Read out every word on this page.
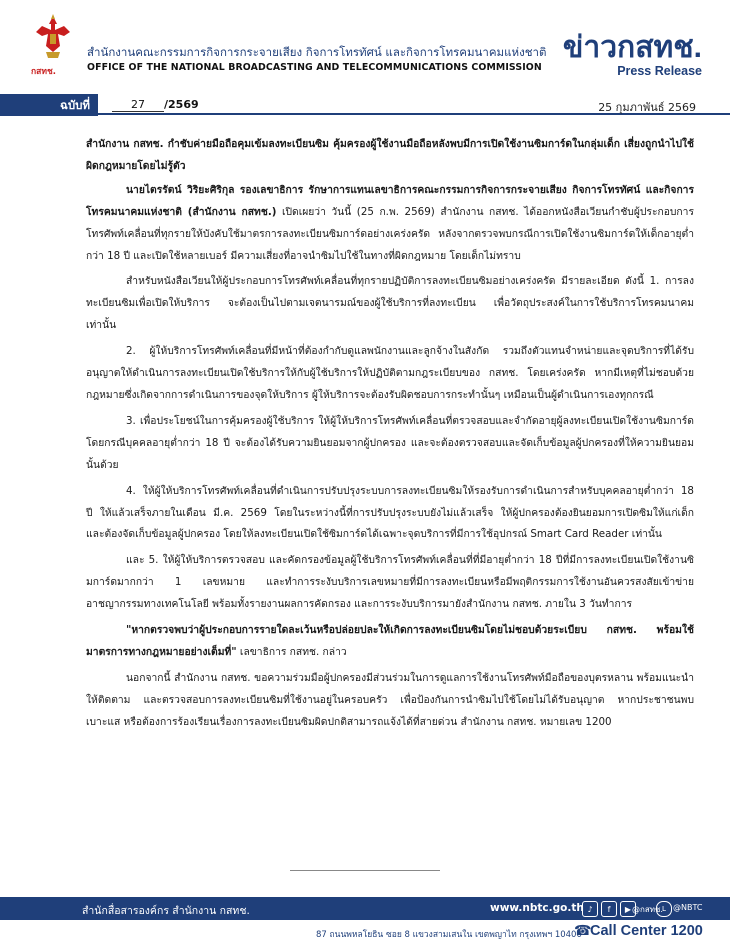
กสทช.
สำนักงานคณะกรรมการกิจการกระจายเสียง กิจการโทรทัศน์ และกิจการโทรคมนาคมแห่งชาติ
OFFICE OF THE NATIONAL BROADCASTING AND TELECOMMUNICATIONS COMMISSION
ข่าวกสทช.
Press Release
ฉบับที่	27 /2569	25 กุมภาพันธ์ 2569

สำนักงาน กสทช. กำชับค่ายมือถือคุมเข้มลงทะเบียนซิม คุ้มครองผู้ใช้งานมือถือหลังพบมีการเปิดใช้งานซิมการ์ดในกลุ่มเด็ก เสี่ยงถูกนำไปใช้ผิดกฎหมายโดยไม่รู้ตัว

นายไตรรัตน์ วิริยะศิริกุล รองเลขาธิการ รักษาการแทนเลขาธิการคณะกรรมการกิจการกระจายเสียง กิจการโทรทัศน์ และกิจการโทรคมนาคมแห่งชาติ (สำนักงาน กสทช.) เปิดเผยว่า วันนี้ (25 ก.พ. 2569) สำนักงาน กสทช. ได้ออกหนังสือเวียนกำชับผู้ประกอบการโทรศัพท์เคลื่อนที่ทุกรายให้บังคับใช้มาตรการลงทะเบียนซิมการ์ดอย่างเคร่งครัด หลังจากตรวจพบกรณีการเปิดใช้งานซิมการ์ดให้เด็กอายุต่ำกว่า 18 ปี และเปิดใช้หลายเบอร์ มีความเสี่ยงที่อาจนำซิมไปใช้ในทางที่ผิดกฎหมาย โดยเด็กไม่ทราบ

สำหรับหนังสือเวียนให้ผู้ประกอบการโทรศัพท์เคลื่อนที่ทุกรายปฏิบัติการลงทะเบียนซิมอย่างเคร่งครัด มีรายละเอียด ดังนี้ 1. การลงทะเบียนซิมเพื่อเปิดให้บริการ จะต้องเป็นไปตามเจตนารมณ์ของผู้ใช้บริการที่ลงทะเบียน เพื่อวัตถุประสงค์ในการใช้บริการโทรคมนาคมเท่านั้น

2. ผู้ให้บริการโทรศัพท์เคลื่อนที่มีหน้าที่ต้องกำกับดูแลพนักงานและลูกจ้างในสังกัด รวมถึงตัวแทนจำหน่ายและจุดบริการที่ได้รับอนุญาตให้ดำเนินการลงทะเบียนเปิดใช้บริการให้กับผู้ใช้บริการให้ปฏิบัติตามกฎระเบียบของ กสทช. โดยเคร่งครัด หากมีเหตุที่ไม่ชอบด้วยกฎหมายซึ่งเกิดจากการดำเนินการของจุดให้บริการ ผู้ให้บริการจะต้องรับผิดชอบการกระทำนั้นๆ เหมือนเป็นผู้ดำเนินการเองทุกกรณี

3. เพื่อประโยชน์ในการคุ้มครองผู้ใช้บริการ ให้ผู้ให้บริการโทรศัพท์เคลื่อนที่ตรวจสอบและจำกัดอายุผู้ลงทะเบียนเปิดใช้งานซิมการ์ด โดยกรณีบุคคลอายุต่ำกว่า 18 ปี จะต้องได้รับความยินยอมจากผู้ปกครอง และจะต้องตรวจสอบและจัดเก็บข้อมูลผู้ปกครองที่ให้ความยินยอมนั้นด้วย

4. ให้ผู้ให้บริการโทรศัพท์เคลื่อนที่ดำเนินการปรับปรุงระบบการลงทะเบียนซิมให้รองรับการดำเนินการสำหรับบุคคลอายุต่ำกว่า 18 ปี ให้แล้วเสร็จภายในเดือน มี.ค. 2569 โดยในระหว่างนี้ที่การปรับปรุงระบบยังไม่แล้วเสร็จ ให้ผู้ปกครองต้องยินยอมการเปิดซิมให้แก่เด็ก และต้องจัดเก็บข้อมูลผู้ปกครอง โดยให้ลงทะเบียนเปิดใช้ซิมการ์ดได้เฉพาะจุดบริการที่มีการใช้อุปกรณ์ Smart Card Reader เท่านั้น

และ 5. ให้ผู้ให้บริการตรวจสอบ และคัดกรองข้อมูลผู้ใช้บริการโทรศัพท์เคลื่อนที่ที่มีอายุต่ำกว่า 18 ปีที่มีการลงทะเบียนเปิดใช้งานซิมการ์ดมากกว่า 1 เลขหมาย และทำการระงับบริการเลขหมายที่มีการลงทะเบียนหรือมีพฤติกรรมการใช้งานอันควรสงสัยเข้าข่ายอาชญากรรมทางเทคโนโลยี พร้อมทั้งรายงานผลการคัดกรอง และการระงับบริการมายังสำนักงาน กสทช. ภายใน 3 วันทำการ

"หากตรวจพบว่าผู้ประกอบการรายใดละเว้นหรือปล่อยปละให้เกิดการลงทะเบียนซิมโดยไม่ชอบด้วยระเบียบ กสทช. พร้อมใช้มาตรการทางกฎหมายอย่างเต็มที่" เลขาธิการ กสทช. กล่าว

นอกจากนี้ สำนักงาน กสทช. ขอความร่วมมือผู้ปกครองมีส่วนร่วมในการดูแลการใช้งานโทรศัพท์มือถือของบุตรหลาน พร้อมแนะนำให้ติดตาม และตรวจสอบการลงทะเบียนซิมที่ใช้งานอยู่ในครอบครัว เพื่อป้องกันการนำซิมไปใช้โดยไม่ได้รับอนุญาต หากประชาชนพบเบาะแส หรือต้องการร้องเรียนเรื่องการลงทะเบียนซิมผิดปกติสามารถแจ้งได้ที่สายด่วน สำนักงาน กสทช. หมายเลข 1200

สำนักสื่อสารองค์กร สำนักงาน กสทช.	www.nbtc.go.th ♪	f	▶ @กสทช. L @NBTC
87 ถนนพหลโยธิน ซอย 8 แขวงสามเสนใน เขตพญาไท กรุงเทพฯ 10400
☎
Call Center 1200
